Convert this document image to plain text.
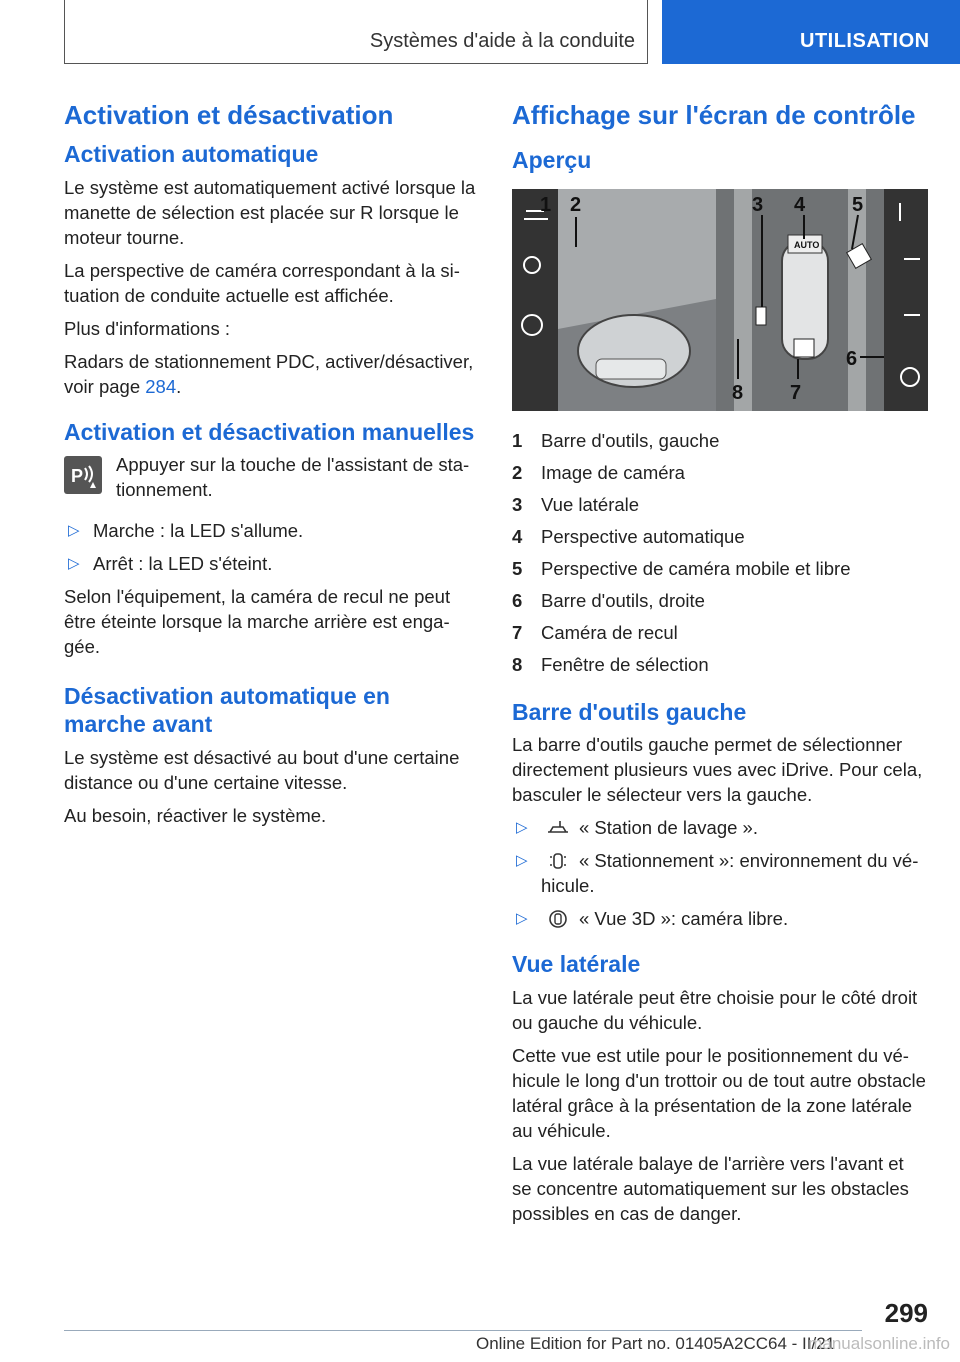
Systèmes d'aide à la conduite	UTILISATION
Activation et désactivation
Activation automatique

Le système est automatiquement activé lorsque la manette de sélection est placée sur R lorsque le moteur tourne.

La perspective de caméra correspondant à la situation de conduite actuelle est affichée.

Plus d'informations :

Radars de stationnement PDC, activer/désactiver, voir page 284.

Activation et désactivation manuelles
P
Appuyer sur la touche de l'assistant de stationnement.
▷ Marche : la LED s'allume.
▷ Arrêt : la LED s'éteint.

Selon l'équipement, la caméra de recul ne peut être éteinte lorsque la marche arrière est engagée.

Désactivation automatique en marche avant

Le système est désactivé au bout d'une certaine distance ou d'une certaine vitesse.

Au besoin, réactiver le système.

Affichage sur l'écran de contrôle
Aperçu
AUTO
1 2	3 4 5
6
7
8
1	Barre d'outils, gauche
2	Image de caméra
3	Vue latérale
4	Perspective automatique
5	Perspective de caméra mobile et libre
6	Barre d'outils, droite
7	Caméra de recul
8	Fenêtre de sélection
Barre d'outils gauche

La barre d'outils gauche permet de sélectionner directement plusieurs vues avec iDrive. Pour cela, basculer le sélecteur vers la gauche.

▷	« Station de lavage ».
▷	« Stationnement »: environnement du véhicule.
▷	« Vue 3D »: caméra libre.
Vue latérale

La vue latérale peut être choisie pour le côté droit ou gauche du véhicule.

Cette vue est utile pour le positionnement du véhicule le long d'un trottoir ou de tout autre obstacle latéral grâce à la présentation de la zone latérale au véhicule.

La vue latérale balaye de l'arrière vers l'avant et se concentre automatiquement sur les obstacles possibles en cas de danger.

299
Online Edition for Part no. 01405A2CC64 - II/21
manualsonline.info
